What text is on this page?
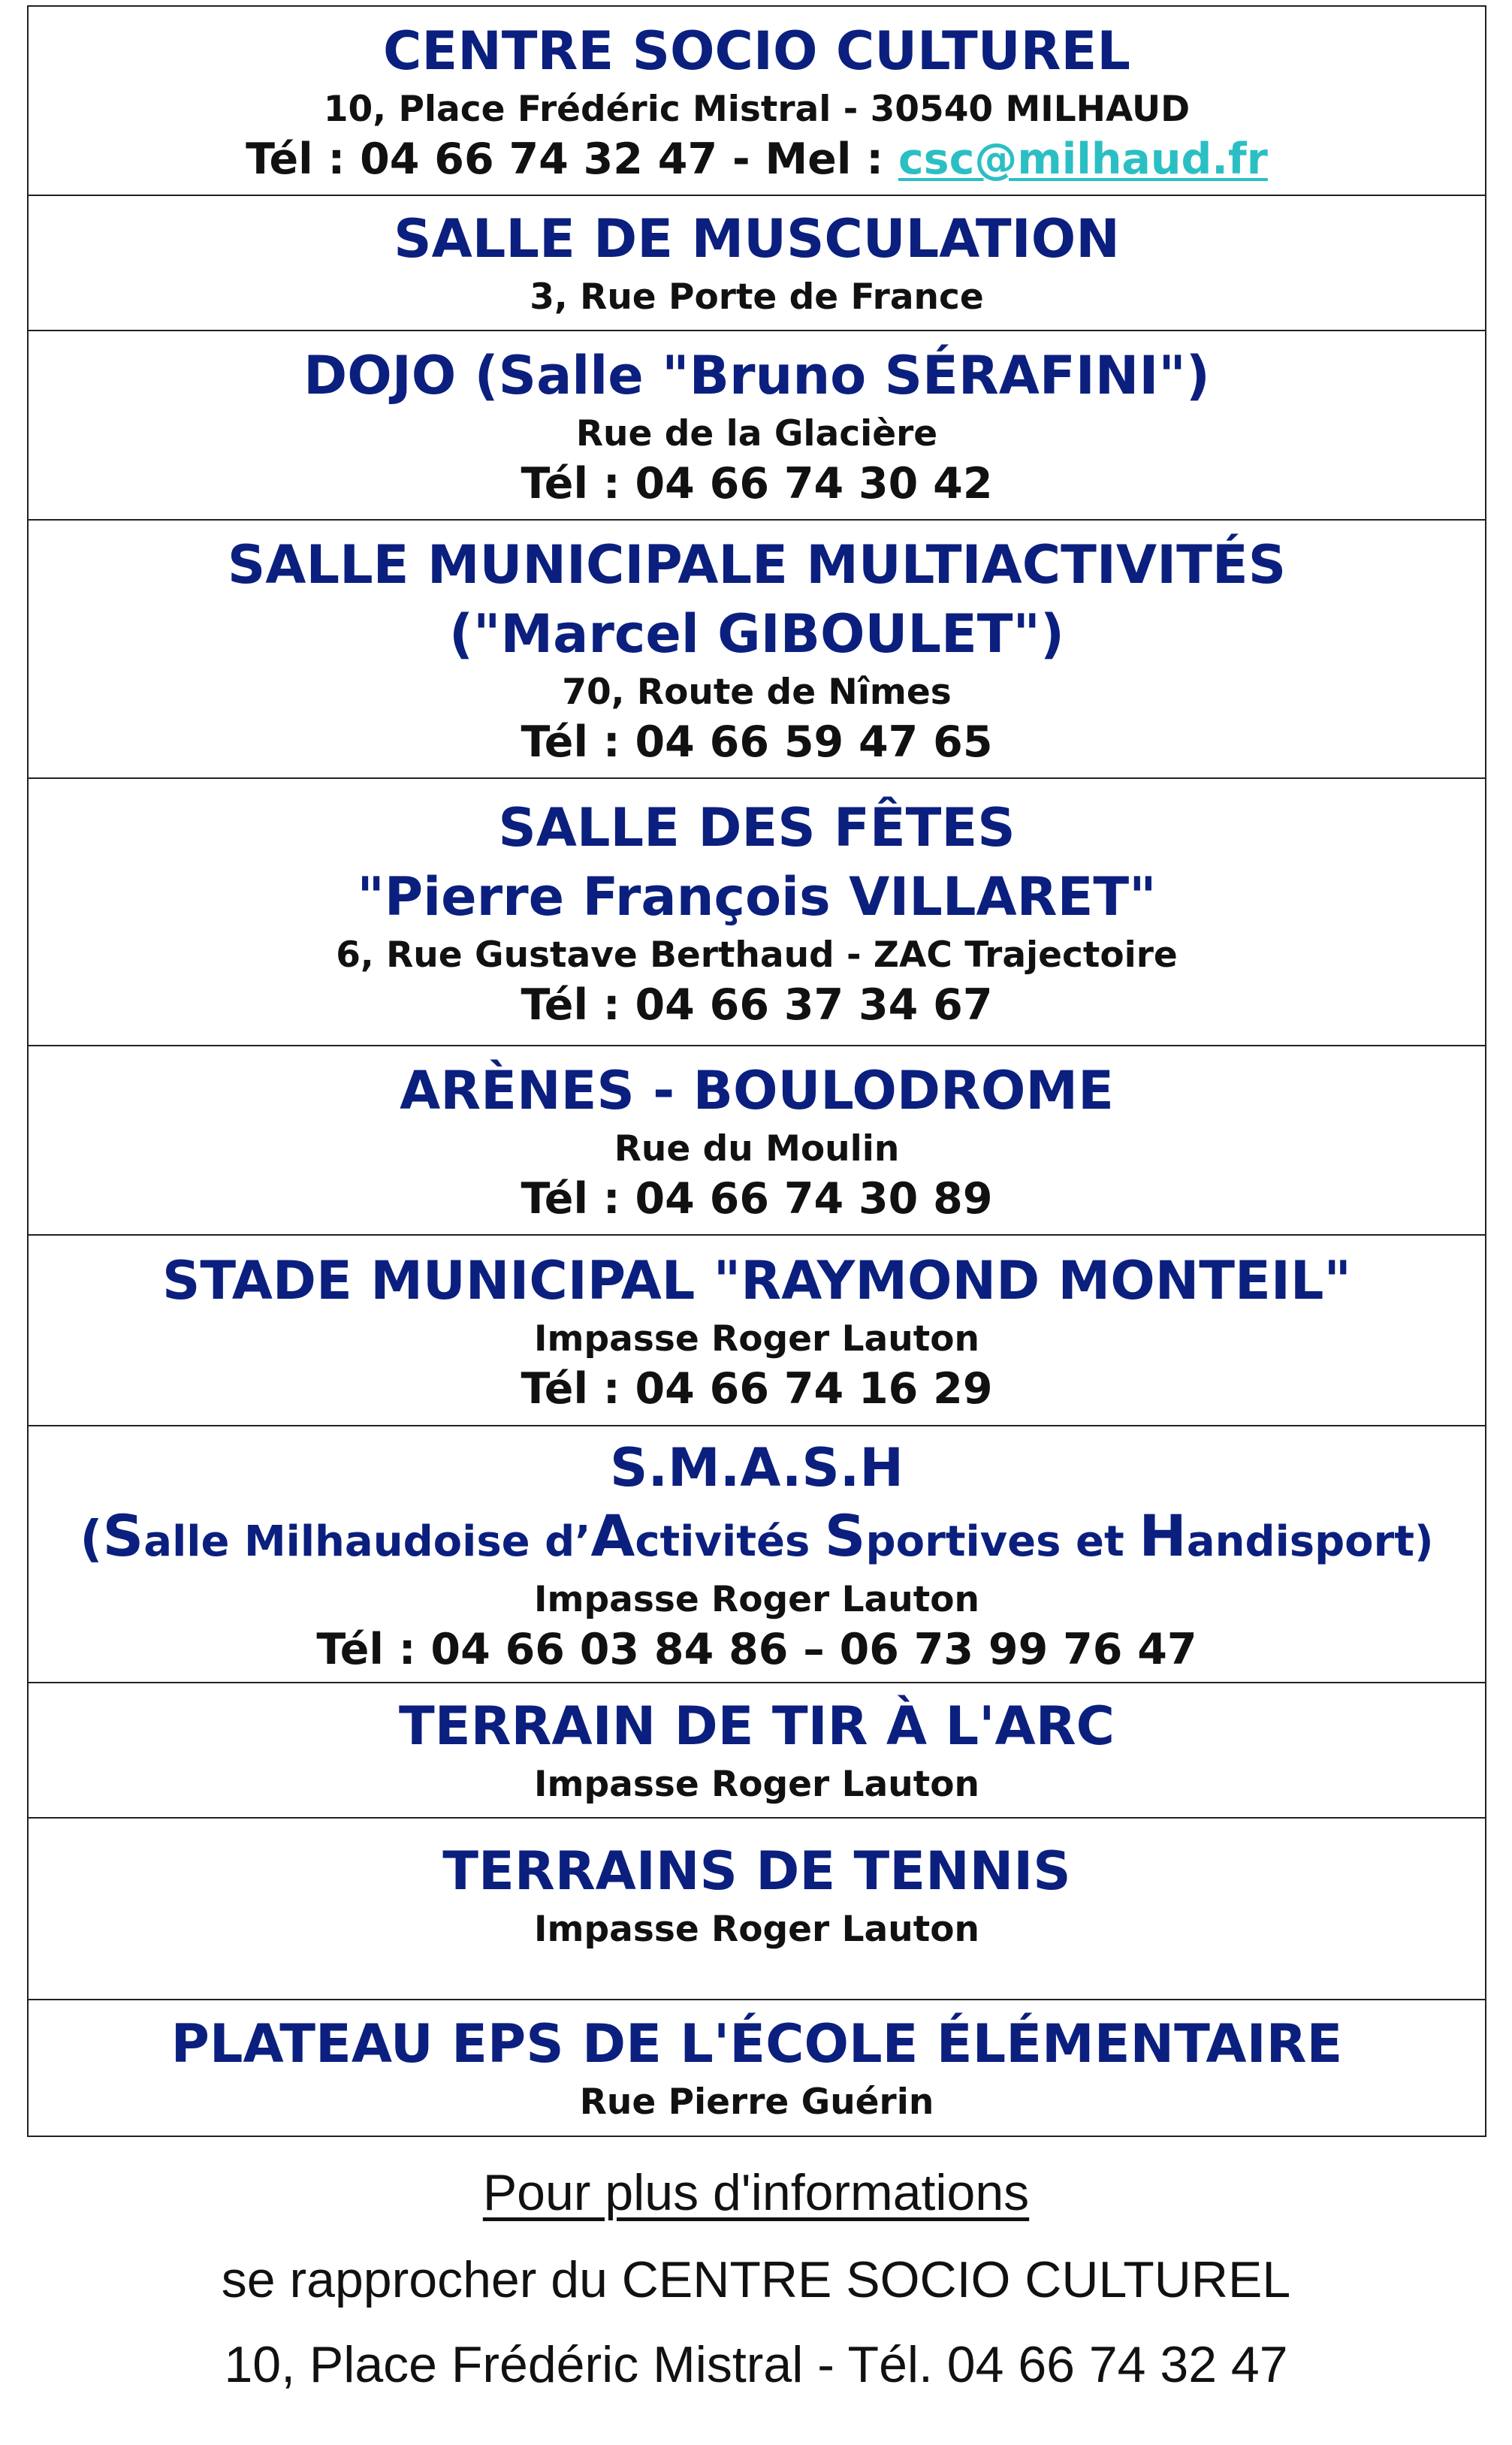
CENTRE SOCIO CULTUREL
10, Place Frédéric Mistral - 30540 MILHAUD
Tél : 04 66 74 32 47 - Mel : csc@milhaud.fr
SALLE DE MUSCULATION
3, Rue Porte de France
DOJO (Salle "Bruno SÉRAFINI")
Rue de la Glacière
Tél : 04 66 74 30 42
SALLE MUNICIPALE MULTIACTIVITÉS
("Marcel GIBOULET")
70, Route de Nîmes
Tél : 04 66 59 47 65
SALLE DES FÊTES
"Pierre François VILLARET"
6, Rue Gustave Berthaud - ZAC Trajectoire
Tél : 04 66 37 34 67
ARÈNES - BOULODROME
Rue du Moulin
Tél : 04 66 74 30 89
STADE MUNICIPAL "RAYMOND MONTEIL"
Impasse Roger Lauton
Tél : 04 66 74 16 29
S.M.A.S.H
(Salle Milhaudoise d’Activités Sportives et Handisport)
Impasse Roger Lauton
Tél : 04 66 03 84 86 – 06 73 99 76 47
TERRAIN DE TIR À L'ARC
Impasse Roger Lauton
TERRAINS DE TENNIS
Impasse Roger Lauton
PLATEAU EPS DE L'ÉCOLE ÉLÉMENTAIRE
Rue Pierre Guérin
Pour plus d'informations
se rapprocher du CENTRE SOCIO CULTUREL
10, Place Frédéric Mistral - Tél. 04 66 74 32 47
